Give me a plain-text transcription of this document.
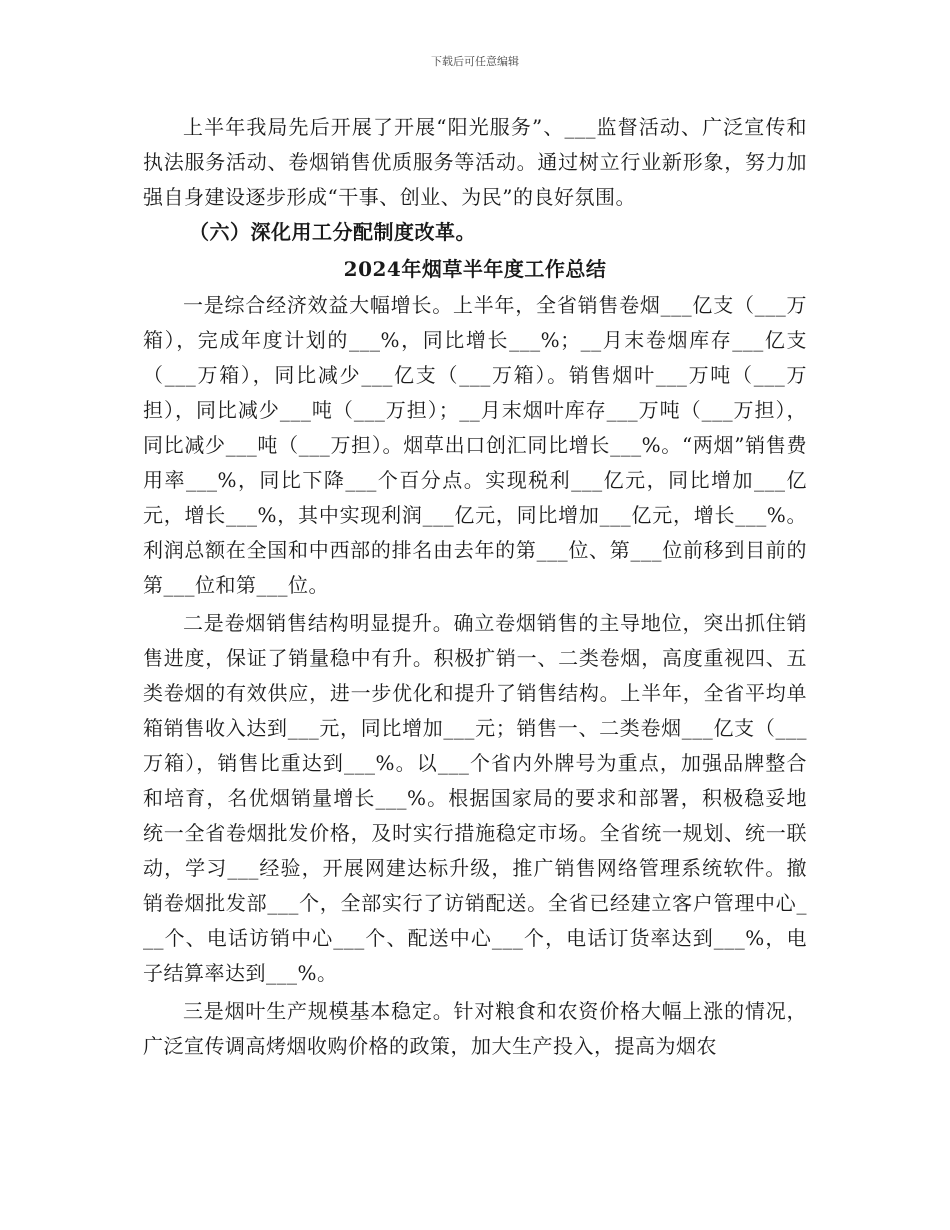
下载后可任意编辑

上半年我局先后开展了开展“阳光服务”、___监督活动、广泛宣传和执法服务活动、卷烟销售优质服务等活动。通过树立行业新形象，努力加强自身建设逐步形成“干事、创业、为民”的良好氛围。

（六）深化用工分配制度改革。

2024年烟草半年度工作总结

一是综合经济效益大幅增长。上半年，全省销售卷烟___亿支（___万箱），完成年度计划的___%，同比增长___%；__月末卷烟库存___亿支（___万箱），同比减少___亿支（___万箱）。销售烟叶___万吨（___万担），同比减少___吨（___万担）；__月末烟叶库存___万吨（___万担），同比减少___吨（___万担）。烟草出口创汇同比增长___%。“两烟”销售费用率___%，同比下降___个百分点。实现税利___亿元，同比增加___亿元，增长___%，其中实现利润___亿元，同比增加___亿元，增长___%。利润总额在全国和中西部的排名由去年的第___位、第___位前移到目前的第___位和第___位。

二是卷烟销售结构明显提升。确立卷烟销售的主导地位，突出抓住销售进度，保证了销量稳中有升。积极扩销一、二类卷烟，高度重视四、五类卷烟的有效供应，进一步优化和提升了销售结构。上半年，全省平均单箱销售收入达到___元，同比增加___元；销售一、二类卷烟___亿支（___万箱），销售比重达到___%。以___个省内外牌号为重点，加强品牌整合和培育，名优烟销量增长___%。根据国家局的要求和部署，积极稳妥地统一全省卷烟批发价格，及时实行措施稳定市场。全省统一规划、统一联动，学习___经验，开展网建达标升级，推广销售网络管理系统软件。撤销卷烟批发部___个，全部实行了访销配送。全省已经建立客户管理中心___个、电话访销中心___个、配送中心___个，电话订货率达到___%，电子结算率达到___%。

三是烟叶生产规模基本稳定。针对粮食和农资价格大幅上涨的情况，广泛宣传调高烤烟收购价格的政策，加大生产投入，提高为烟农
